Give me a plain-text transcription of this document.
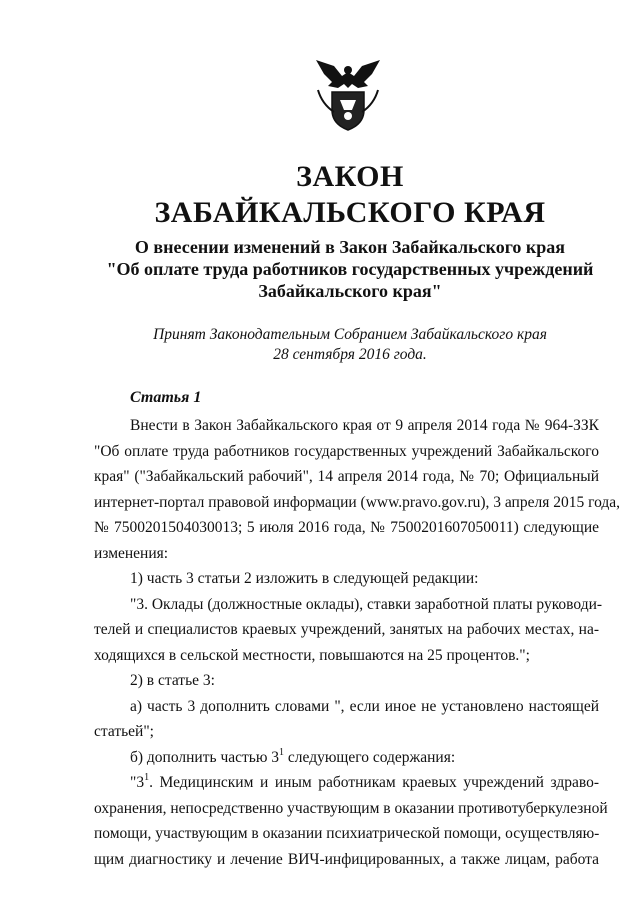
ЗАКОН
ЗАБАЙКАЛЬСКОГО КРАЯ
О внесении изменений в Закон Забайкальского края
"Об оплате труда работников государственных учреждений
Забайкальского края"
Принят Законодательным Собранием Забайкальского края
28 сентября 2016 года.
Статья 1
Внести в Закон Забайкальского края от 9 апреля 2014 года № 964-ЗЗК
"Об оплате труда работников государственных учреждений Забайкальского
края" ("Забайкальский рабочий", 14 апреля 2014 года, № 70; Официальный
интернет-портал правовой информации (www.pravo.gov.ru), 3 апреля 2015 года,
№ 7500201504030013; 5 июля 2016 года, № 7500201607050011) следующие
изменения:
1) часть 3 статьи 2 изложить в следующей редакции:
"3. Оклады (должностные оклады), ставки заработной платы руководи-
телей и специалистов краевых учреждений, занятых на рабочих местах, на-
ходящихся в сельской местности, повышаются на 25 процентов.";
2) в статье 3:
а) часть 3 дополнить словами ", если иное не установлено настоящей
статьей";
б) дополнить частью $3^1$ следующего содержания:
"$3^1$. Медицинским и иным работникам краевых учреждений здраво-
охранения, непосредственно участвующим в оказании противотуберкулезной
помощи, участвующим в оказании психиатрической помощи, осуществляю-
щим диагностику и лечение ВИЧ-инфицированных, а также лицам, работа
